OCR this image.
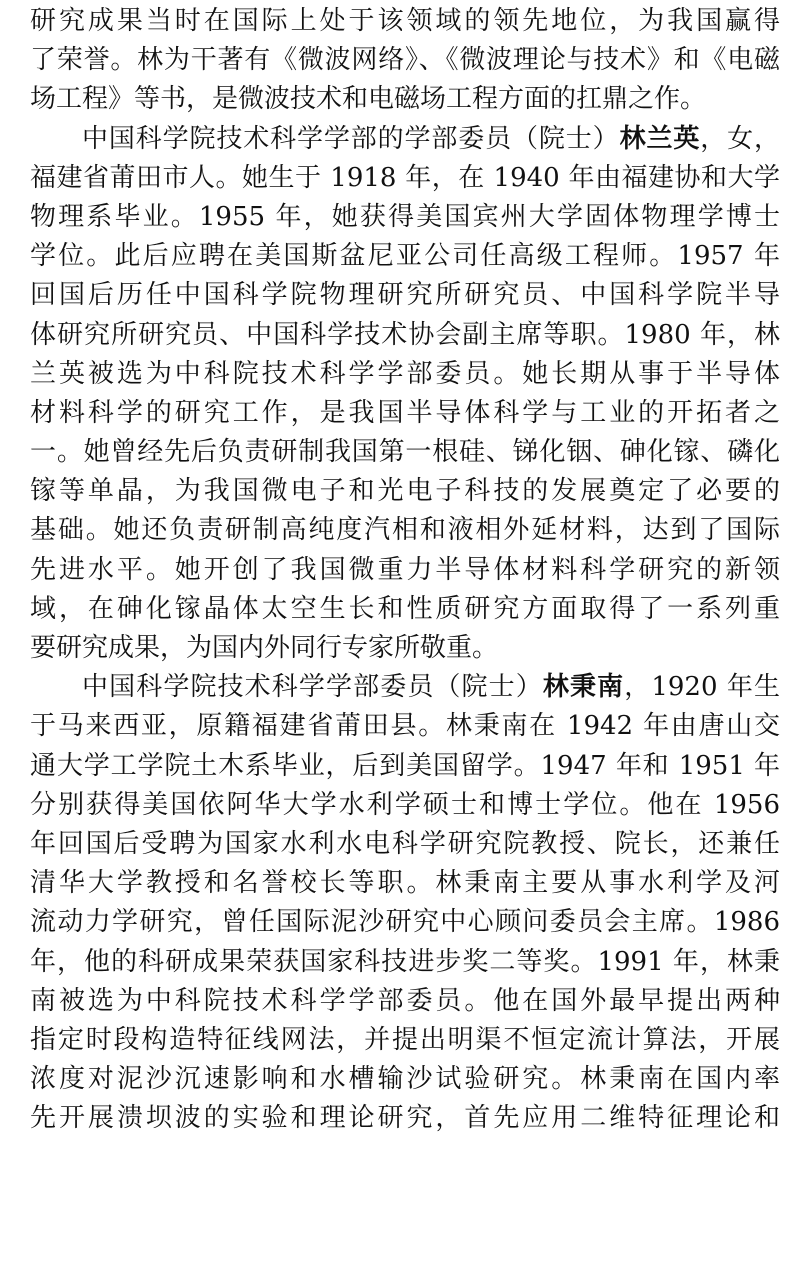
研究成果当时在国际上处于该领域的领先地位，为我国赢得
了荣誉。林为干著有《微波网络》、《微波理论与技术》和《电磁
场工程》等书，是微波技术和电磁场工程方面的扛鼎之作。
中国科学院技术科学学部的学部委员（院士）林兰英，女，
福建省莆田市人。她生于 1918 年，在 1940 年由福建协和大学
物理系毕业。1955 年，她获得美国宾州大学固体物理学博士
学位。此后应聘在美国斯盆尼亚公司任高级工程师。1957 年
回国后历任中国科学院物理研究所研究员、中国科学院半导
体研究所研究员、中国科学技术协会副主席等职。1980 年，林
兰英被选为中科院技术科学学部委员。她长期从事于半导体
材料科学的研究工作，是我国半导体科学与工业的开拓者之
一。她曾经先后负责研制我国第一根硅、锑化铟、砷化镓、磷化
镓等单晶，为我国微电子和光电子科技的发展奠定了必要的
基础。她还负责研制高纯度汽相和液相外延材料，达到了国际
先进水平。她开创了我国微重力半导体材料科学研究的新领
域，在砷化镓晶体太空生长和性质研究方面取得了一系列重
要研究成果，为国内外同行专家所敬重。
中国科学院技术科学学部委员（院士）林秉南，1920 年生
于马来西亚，原籍福建省莆田县。林秉南在 1942 年由唐山交
通大学工学院土木系毕业，后到美国留学。1947 年和 1951 年
分别获得美国依阿华大学水利学硕士和博士学位。他在 1956
年回国后受聘为国家水利水电科学研究院教授、院长，还兼任
清华大学教授和名誉校长等职。林秉南主要从事水利学及河
流动力学研究，曾任国际泥沙研究中心顾问委员会主席。1986
年，他的科研成果荣获国家科技进步奖二等奖。1991 年，林秉
南被选为中科院技术科学学部委员。他在国外最早提出两种
指定时段构造特征线网法，并提出明渠不恒定流计算法，开展
浓度对泥沙沉速影响和水槽输沙试验研究。林秉南在国内率
先开展溃坝波的实验和理论研究，首先应用二维特征理论和
